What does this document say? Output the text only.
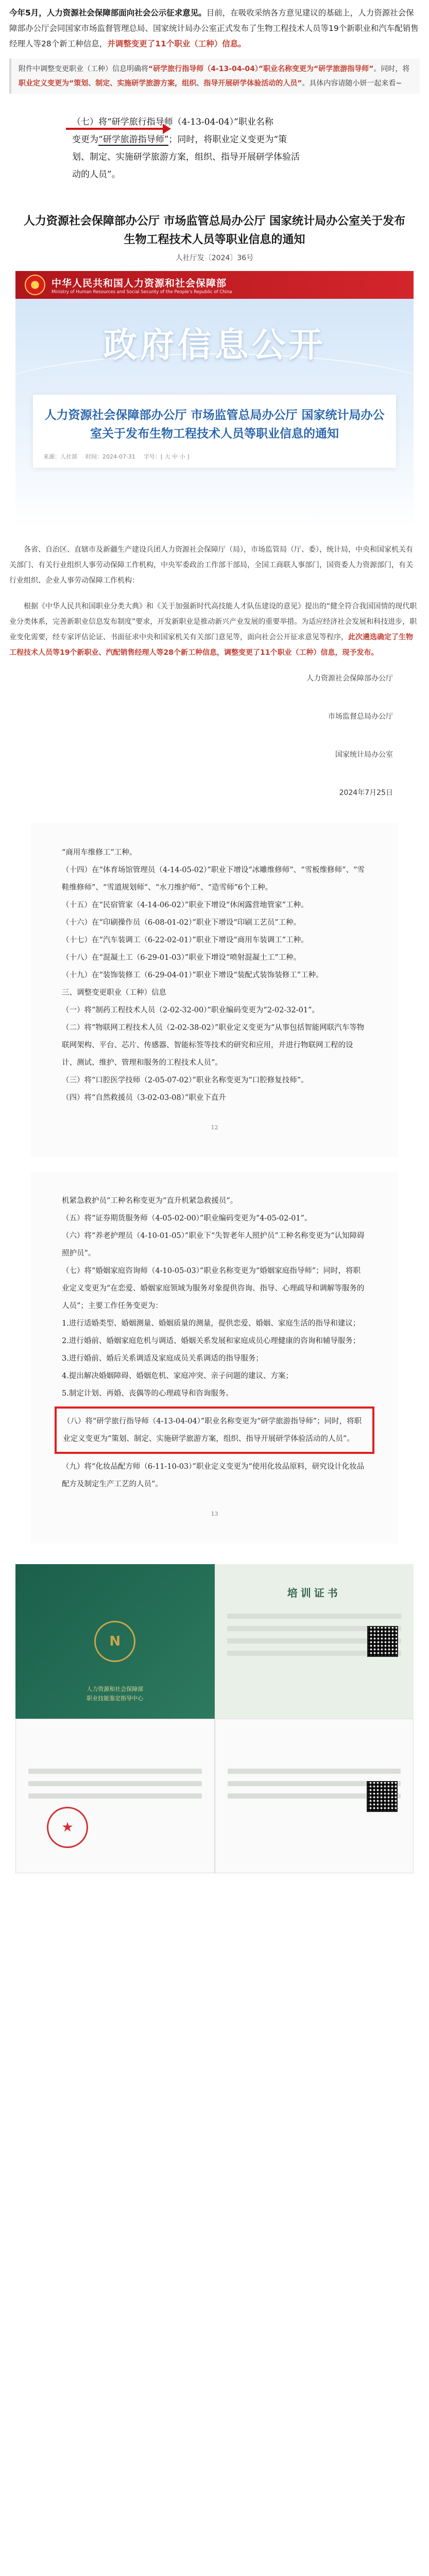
今年5月，人力资源社会保障部面向社会公示征求意见。目前，在吸收采纳各方意见建议的基础上，人力资源社会保障部办公厅会同国家市场监督管理总局、国家统计局办公室正式发布了生物工程技术人员等19个新职业和汽车配销售经理人等28个新工种信息，并调整变更了11个职业（工种）信息。
附件中调整变更职业（工种）信息明确将“研学旅行指导师（4-13-04-04）”职业名称变更为“研学旅游指导师”。同时，将职业定义变更为“策划、制定、实施研学旅游方案，组织、指导开展研学体验活动的人员”。具体内容请随小妍一起来看~
（七）将“研学旅行指导师（4-13-04-04）”职业名称
变更为“研学旅游指导师”；同时，将职业定义变更为“策
划、制定、实施研学旅游方案，组织、指导开展研学体验活
动的人员”。
人力资源社会保障部办公厅 市场监管总局办公厅 国家统计局办公室关于发布生物工程技术人员等职业信息的通知
人社厅发〔2024〕36号
中华人民共和国人力资源和社会保障部
Ministry of Human Resources and Social Security of the People's Republic of China
政府信息公开
人力资源社会保障部办公厅 市场监管总局办公厅 国家统计局办公室关于发布生物工程技术人员等职业信息的通知
来源：人社部 时间：2024-07-31 字号：[ 大 中 小 ]

各省、自治区、直辖市及新疆生产建设兵团人力资源社会保障厅（局），市场监管局（厅、委），统计局，中央和国家机关有关部门、有关行业组织人事劳动保障工作机构，中央军委政治工作部干部局，全国工商联人事部门，国资委人力资源部门，有关行业组织、企业人事劳动保障工作机构：

根据《中华人民共和国职业分类大典》和《关于加强新时代高技能人才队伍建设的意见》提出的“健全符合我国国情的现代职业分类体系，完善新职业信息发布制度”要求，开发新职业是推动新兴产业发展的重要举措。为适应经济社会发展和科技进步，职业变化需要，经专家评估论证、书面征求中央和国家机关有关部门意见等，面向社会公开征求意见等程序，此次遴选确定了生物工程技术人员等19个新职业、汽配销售经理人等28个新工种信息，调整变更了11个职业（工种）信息，现予发布。

人力资源社会保障部办公厅
市场监督总局办公厅
国家统计局办公室
2024年7月25日
“商用车维修工”工种。
（十四）在“体育场馆管理员（4-14-05-02）”职业下增设“冰雕维修师”、“雪板维修师”、“雪鞋维修师”、“雪道规划师”、“水刀维护师”、“造雪师”6个工种。
（十五）在“民宿管家（4-14-06-02）”职业下增设“休闲露营地管家”工种。
（十六）在“印刷操作员（6-08-01-02）”职业下增设“印刷工艺员”工种。
（十七）在“汽车装调工（6-22-02-01）”职业下增设“商用车装调工”工种。
（十八）在“混凝土工（6-29-01-03）”职业下增设“喷射混凝土工”工种。
（十九）在“装饰装修工（6-29-04-01）”职业下增设“装配式装饰装修工”工种。
三、调整变更职业（工种）信息
（一）将“制药工程技术人员（2-02-32-00）”职业编码变更为“2-02-32-01”。
（二）将“物联网工程技术人员（2-02-38-02）”职业定义变更为“从事包括智能网联汽车等物联网架构、平台、芯片、传感器、智能标签等技术的研究和应用，并进行物联网工程的设计、测试、维护、管理和服务的工程技术人员”。
（三）将“口腔医学技师（2-05-07-02）”职业名称变更为“口腔修复技师”。
（四）将“自然救援员（3-02-03-08）”职业下直升
12
机紧急救护员”工种名称变更为“直升机紧急救援员”。
（五）将“证券期货服务师（4-05-02-00）”职业编码变更为“4-05-02-01”。
（六）将“养老护理员（4-10-01-05）”职业下“失智老年人照护员”工种名称变更为“认知障碍照护员”。
（七）将“婚姻家庭咨询师（4-10-05-03）”职业名称变更为“婚姻家庭指导师”；同时，将职业定义变更为“在恋爱、婚姻家庭领域为服务对象提供咨询、指导、心理疏导和调解等服务的人员”；主要工作任务变更为：
1.进行适婚类型、婚姻测量、婚姻质量的测量，提供恋爱、婚姻、家庭生活的指导和建议；
2.进行婚前、婚姻家庭危机与调适、婚姻关系发展和家庭成员心理健康的咨询和辅导服务；
3.进行婚前、婚后关系调适及家庭成员关系调适的指导服务；
4.提出解决婚姻障碍、婚姻危机、家庭冲突、亲子问题的建议、方案；
5.制定计划、再婚、丧偶等的心理疏导和咨询服务。
（八）将“研学旅行指导师（4-13-04-04）”职业名称变更为“研学旅游指导师”；同时，将职业定义变更为“策划、制定、实施研学旅游方案，组织、指导开展研学体验活动的人员”。
（九）将“化妆品配方师（6-11-10-03）”职业定义变更为“使用化妆品原料，研究设计化妆品配方及制定生产工艺的人员”。
13
N
人力资源和社会保障部
职业技能鉴定指导中心
培训证书
★
